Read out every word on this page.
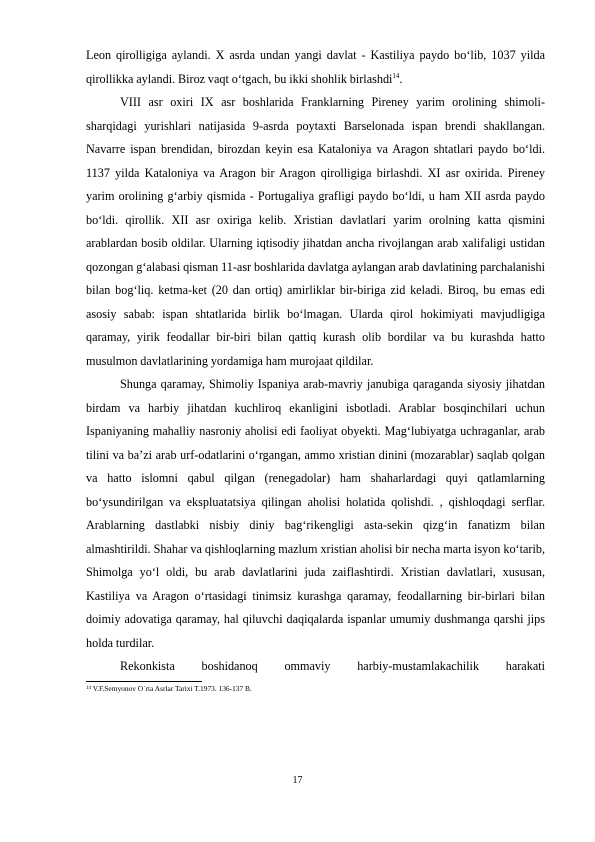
Leon qirolligiga aylandi. X asrda undan yangi davlat - Kastiliya paydo bo‘lib, 1037 yilda qirollikka aylandi. Biroz vaqt o‘tgach, bu ikki shohlik birlashdi$^{14}$.

VIII asr oxiri IX asr boshlarida Franklarning Pireney yarim orolining shimoli-sharqidagi yurishlari natijasida 9-asrda poytaxti Barselonada ispan brendi shakllangan. Navarre ispan brendidan, birozdan keyin esa Kataloniya va Aragon shtatlari paydo bo‘ldi. 1137 yilda Kataloniya va Aragon bir Aragon qirolligiga birlashdi. XI asr oxirida. Pireney yarim orolining g‘arbiy qismida - Portugaliya grafligi paydo bo‘ldi, u ham XII asrda paydo bo‘ldi. qirollik. XII asr oxiriga kelib. Xristian davlatlari yarim orolning katta qismini arablardan bosib oldilar. Ularning iqtisodiy jihatdan ancha rivojlangan arab xalifaligi ustidan qozongan g‘alabasi qisman 11-asr boshlarida davlatga aylangan arab davlatining parchalanishi bilan bog‘liq. ketma-ket (20 dan ortiq) amirliklar bir-biriga zid keladi. Biroq, bu emas edi asosiy sabab: ispan shtatlarida birlik bo‘lmagan. Ularda qirol hokimiyati mavjudligiga qaramay, yirik feodallar bir-biri bilan qattiq kurash olib bordilar va bu kurashda hatto musulmon davlatlarining yordamiga ham murojaat qildilar.

Shunga qaramay, Shimoliy Ispaniya arab-mavriy janubiga qaraganda siyosiy jihatdan birdam va harbiy jihatdan kuchliroq ekanligini isbotladi. Arablar bosqinchilari uchun Ispaniyaning mahalliy nasroniy aholisi edi faoliyat obyekti. Mag‘lubiyatga uchraganlar, arab tilini va ba’zi arab urf-odatlarini o‘rgangan, ammo xristian dinini (mozarablar) saqlab qolgan va hatto islomni qabul qilgan (renegadolar) ham shaharlardagi quyi qatlamlarning bo‘ysundirilgan va ekspluatatsiya qilingan aholisi holatida qolishdi. , qishloqdagi serflar. Arablarning dastlabki nisbiy diniy bag‘rikengligi asta-sekin qizg‘in fanatizm bilan almashtirildi. Shahar va qishloqlarning mazlum xristian aholisi bir necha marta isyon ko‘tarib, Shimolga yo‘l oldi, bu arab davlatlarini juda zaiflashtirdi. Xristian davlatlari, xususan, Kastiliya va Aragon o‘rtasidagi tinimsiz kurashga qaramay, feodallarning bir-birlari bilan doimiy adovatiga qaramay, hal qiluvchi daqiqalarda ispanlar umumiy dushmanga qarshi jips holda turdilar.

Rekonkista boshidanoq ommaviy harbiy-mustamlakachilik harakati

$^{14}$ V.F.Semyonov O`rta Asrlar Tarixi T.1973. 136-137 B.
17
